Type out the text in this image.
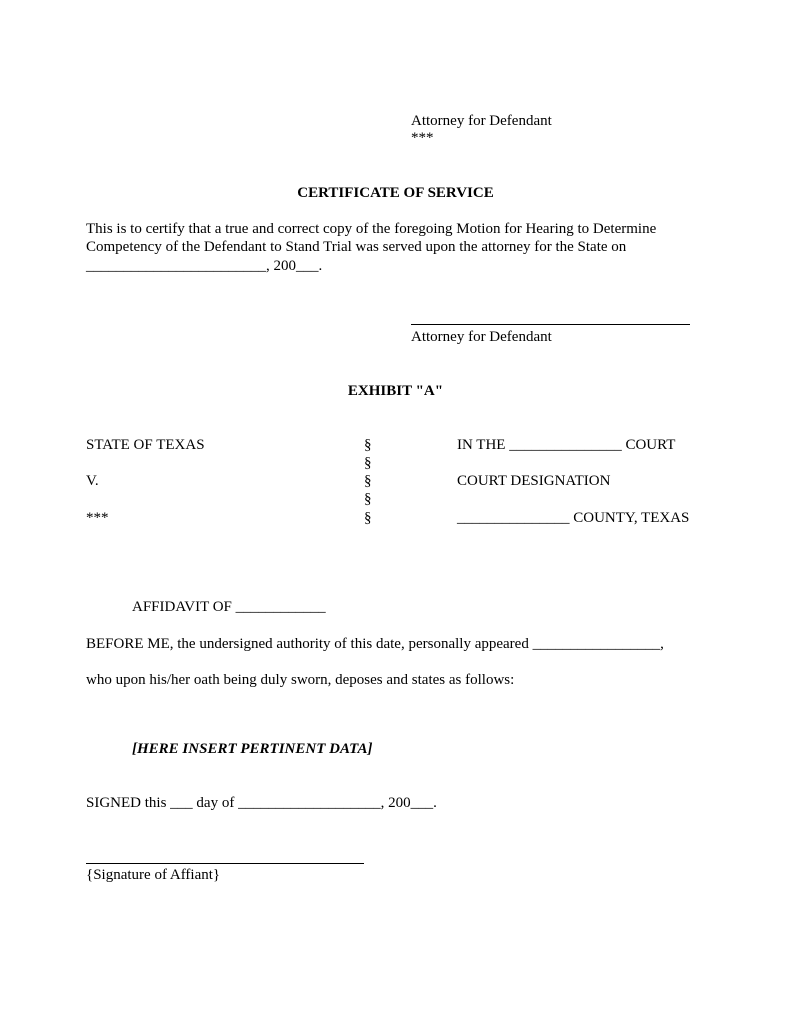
Attorney for Defendant
***
CERTIFICATE OF SERVICE
This is to certify that a true and correct copy of the foregoing Motion for Hearing to Determine
Competency of the Defendant to Stand Trial was served upon the attorney for the State on
________________________, 200___.
Attorney for Defendant
EXHIBIT "A"
STATE OF TEXAS
V.
***
§
§
§
§
§
IN THE _______________ COURT
COURT DESIGNATION
_______________ COUNTY, TEXAS
AFFIDAVIT OF ____________
BEFORE ME, the undersigned authority of this date, personally appeared _________________,
who upon his/her oath being duly sworn, deposes and states as follows:
[HERE INSERT PERTINENT DATA]
SIGNED this ___ day of ___________________, 200___.
{Signature of Affiant}
